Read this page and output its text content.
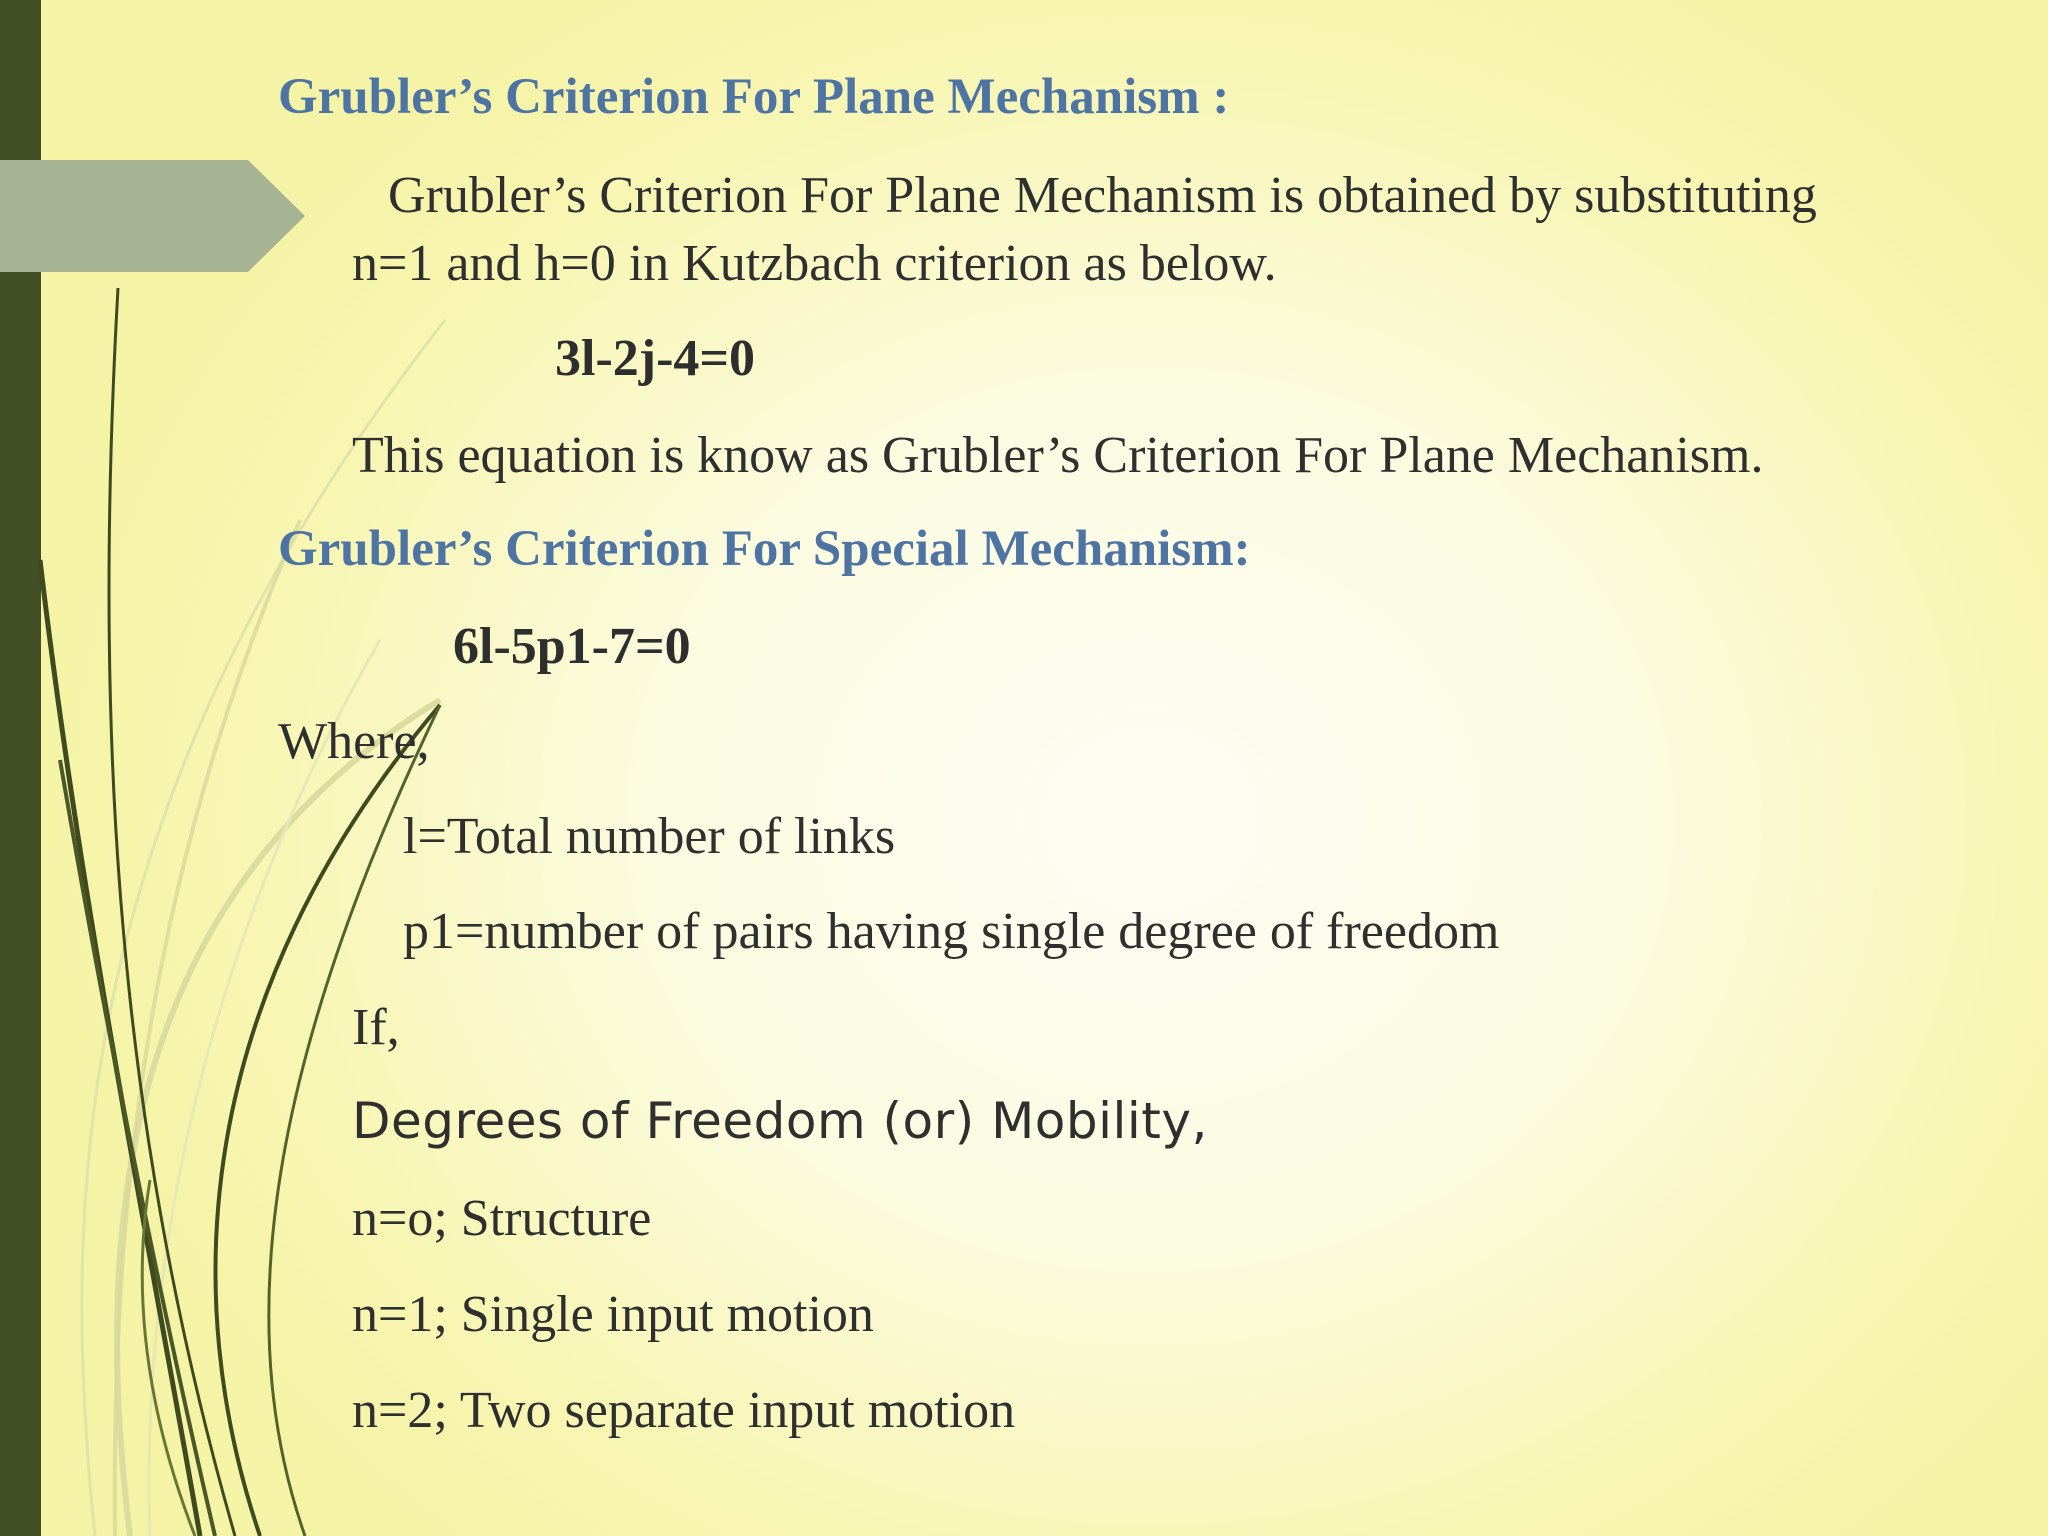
Grubler’s Criterion For Plane Mechanism :
Grubler’s Criterion For Plane Mechanism is obtained by substituting
n=1 and h=0 in Kutzbach criterion as below.
3l-2j-4=0
This equation is know as Grubler’s Criterion For Plane Mechanism.
Grubler’s Criterion For Special Mechanism:
6l-5p1-7=0
Where,
l=Total number of links
p1=number of pairs having single degree of freedom
If,
Degrees of Freedom (or) Mobility,
n=o; Structure
n=1; Single input motion
n=2; Two separate input motion
